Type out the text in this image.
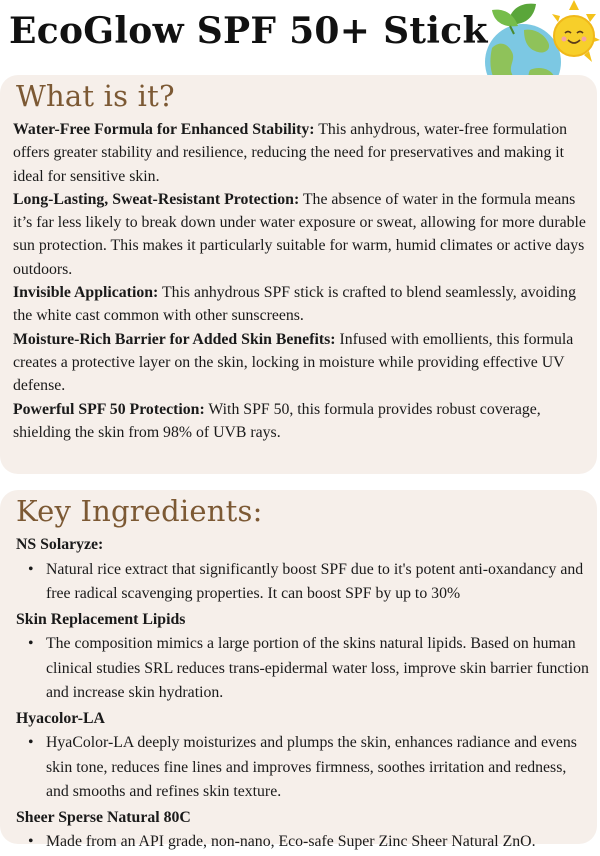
EcoGlow SPF 50+ Stick
What is it?

Water-Free Formula for Enhanced Stability: This anhydrous, water-free formulation offers greater stability and resilience, reducing the need for preservatives and making it ideal for sensitive skin.

Long-Lasting, Sweat-Resistant Protection: The absence of water in the formula means it’s far less likely to break down under water exposure or sweat, allowing for more durable sun protection. This makes it particularly suitable for warm, humid climates or active days outdoors.

Invisible Application: This anhydrous SPF stick is crafted to blend seamlessly, avoiding the white cast common with other sunscreens.

Moisture-Rich Barrier for Added Skin Benefits: Infused with emollients, this formula creates a protective layer on the skin, locking in moisture while providing effective UV defense.

Powerful SPF 50 Protection: With SPF 50, this formula provides robust coverage, shielding the skin from 98% of UVB rays.

Key Ingredients:

NS Solaryze:

• Natural rice extract that significantly boost SPF due to it's potent anti-oxandancy and free radical scavenging properties. It can boost SPF by up to 30%

Skin Replacement Lipids

• The composition mimics a large portion of the skins natural lipids. Based on human clinical studies SRL reduces trans-epidermal water loss, improve skin barrier function and increase skin hydration.

Hyacolor-LA

• HyaColor-LA deeply moisturizes and plumps the skin, enhances radiance and evens skin tone, reduces fine lines and improves firmness, soothes irritation and redness, and smooths and refines skin texture.

Sheer Sperse Natural 80C

• Made from an API grade, non-nano, Eco-safe Super Zinc Sheer Natural ZnO.
